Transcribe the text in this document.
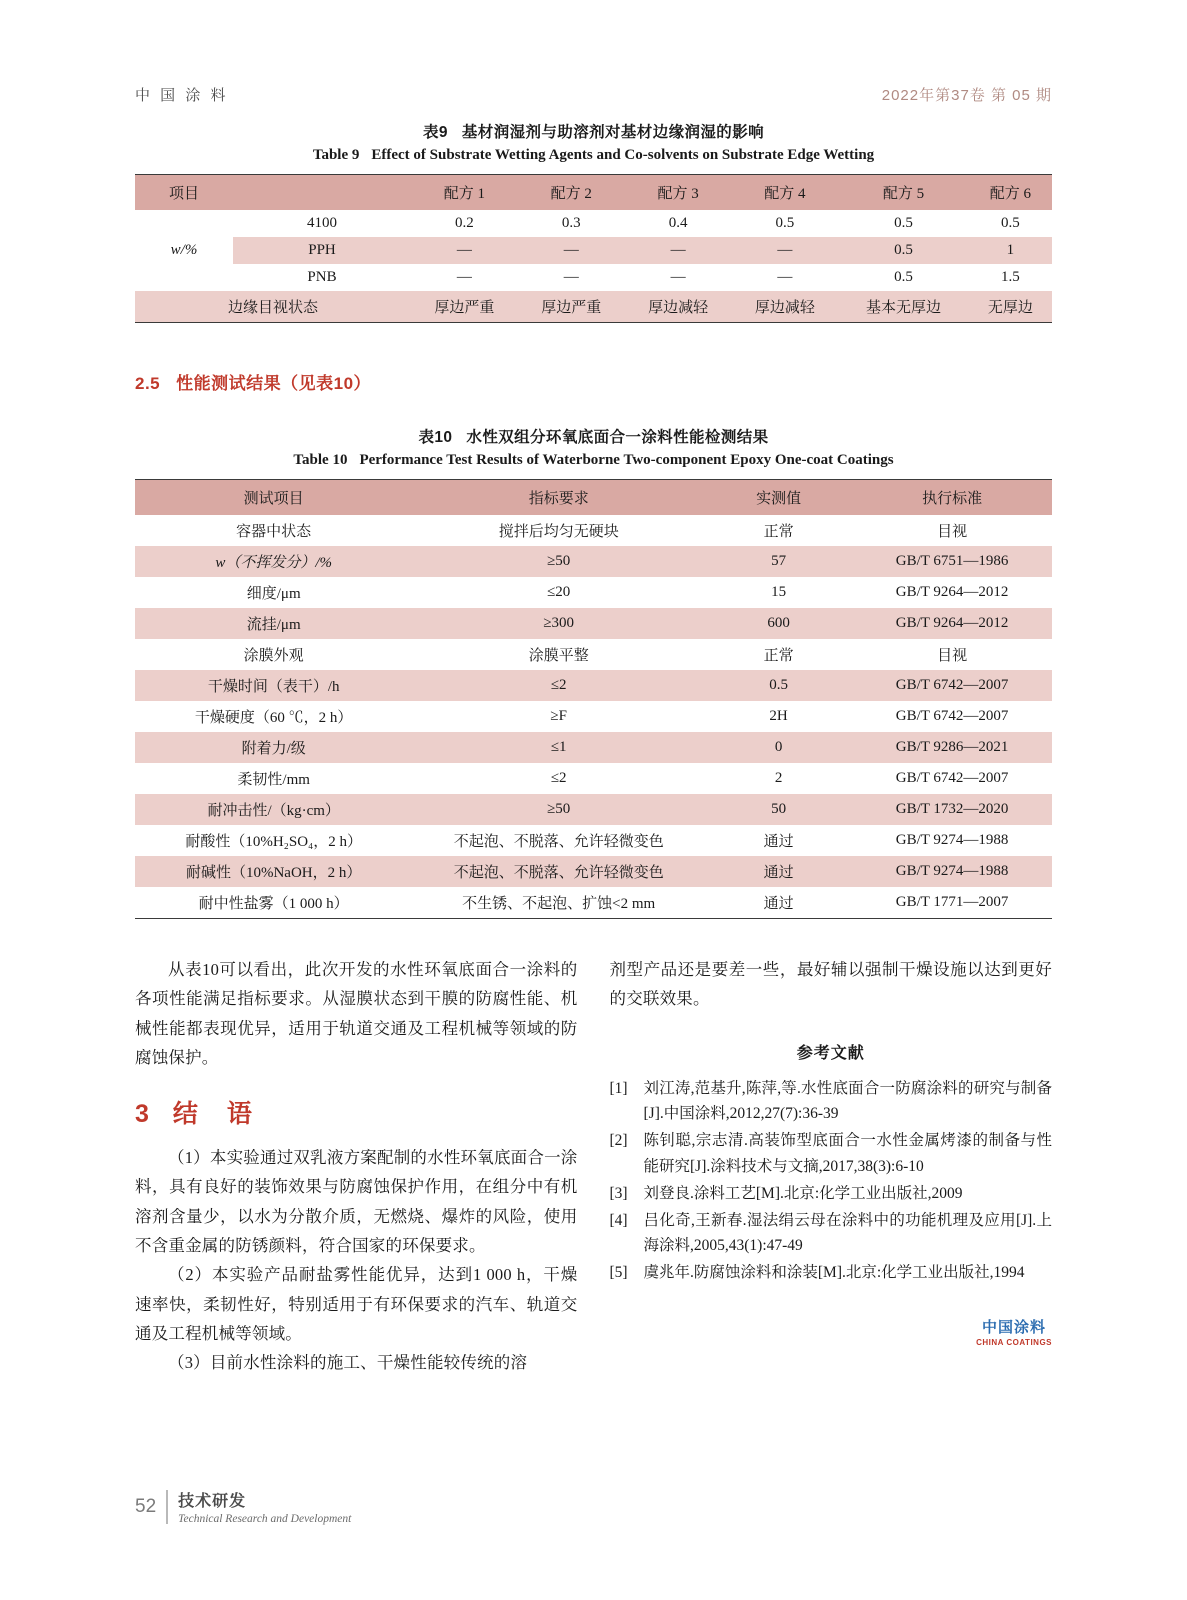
中 国 涂 料	2022年第37卷 第 05 期
表9 基材润湿剂与助溶剂对基材边缘润湿的影响
Table 9 Effect of Substrate Wetting Agents and Co-solvents on Substrate Edge Wetting
项目		配方 1	配方 2	配方 3	配方 4	配方 5	配方 6
w/%	4100	0.2	0.3	0.4	0.5	0.5	0.5
	PPH	—	—	—	—	0.5	1
	PNB	—	—	—	—	0.5	1.5
边缘目视状态		厚边严重	厚边严重	厚边减轻	厚边减轻	基本无厚边	无厚边
2.5 性能测试结果（见表10）
表10 水性双组分环氧底面合一涂料性能检测结果
Table 10 Performance Test Results of Waterborne Two-component Epoxy One-coat Coatings
测试项目	指标要求	实测值	执行标准
容器中状态	搅拌后均匀无硬块	正常	目视
w（不挥发分）/%	≥50	57	GB/T 6751—1986
细度/μm	≤20	15	GB/T 9264—2012
流挂/μm	≥300	600	GB/T 9264—2012
涂膜外观	涂膜平整	正常	目视
干燥时间（表干）/h	≤2	0.5	GB/T 6742—2007
干燥硬度（60 ℃，2 h）	≥F	2H	GB/T 6742—2007
附着力/级	≤1	0	GB/T 9286—2021
柔韧性/mm	≤2	2	GB/T 6742—2007
耐冲击性/（kg·cm）	≥50	50	GB/T 1732—2020
耐酸性（10%H₂SO₄，2 h）	不起泡、不脱落、允许轻微变色	通过	GB/T 9274—1988
耐碱性（10%NaOH，2 h）	不起泡、不脱落、允许轻微变色	通过	GB/T 9274—1988
耐中性盐雾（1 000 h）	不生锈、不起泡、扩蚀<2 mm	通过	GB/T 1771—2007

从表10可以看出，此次开发的水性环氧底面合一涂料的各项性能满足指标要求。从湿膜状态到干膜的防腐性能、机械性能都表现优异，适用于轨道交通及工程机械等领域的防腐蚀保护。

3 结　语

（1）本实验通过双乳液方案配制的水性环氧底面合一涂料，具有良好的装饰效果与防腐蚀保护作用，在组分中有机溶剂含量少，以水为分散介质，无燃烧、爆炸的风险，使用不含重金属的防锈颜料，符合国家的环保要求。

（2）本实验产品耐盐雾性能优异，达到1 000 h，干燥速率快，柔韧性好，特别适用于有环保要求的汽车、轨道交通及工程机械等领域。

（3）目前水性涂料的施工、干燥性能较传统的溶

剂型产品还是要差一些，最好辅以强制干燥设施以达到更好的交联效果。

参考文献
[1]	刘江涛,范基升,陈萍,等.水性底面合一防腐涂料的研究与制备[J].中国涂料,2012,27(7):36-39
[2]	陈钊聪,宗志清.高装饰型底面合一水性金属烤漆的制备与性能研究[J].涂料技术与文摘,2017,38(3):6-10
[3]	刘登良.涂料工艺[M].北京:化学工业出版社,2009
[4]	吕化奇,王新春.湿法绢云母在涂料中的功能机理及应用[J].上海涂料,2005,43(1):47-49
[5]	虞兆年.防腐蚀涂料和涂装[M].北京:化学工业出版社,1994
中国涂料
CHINA COATINGS
52 技术研发
Technical Research and Development
